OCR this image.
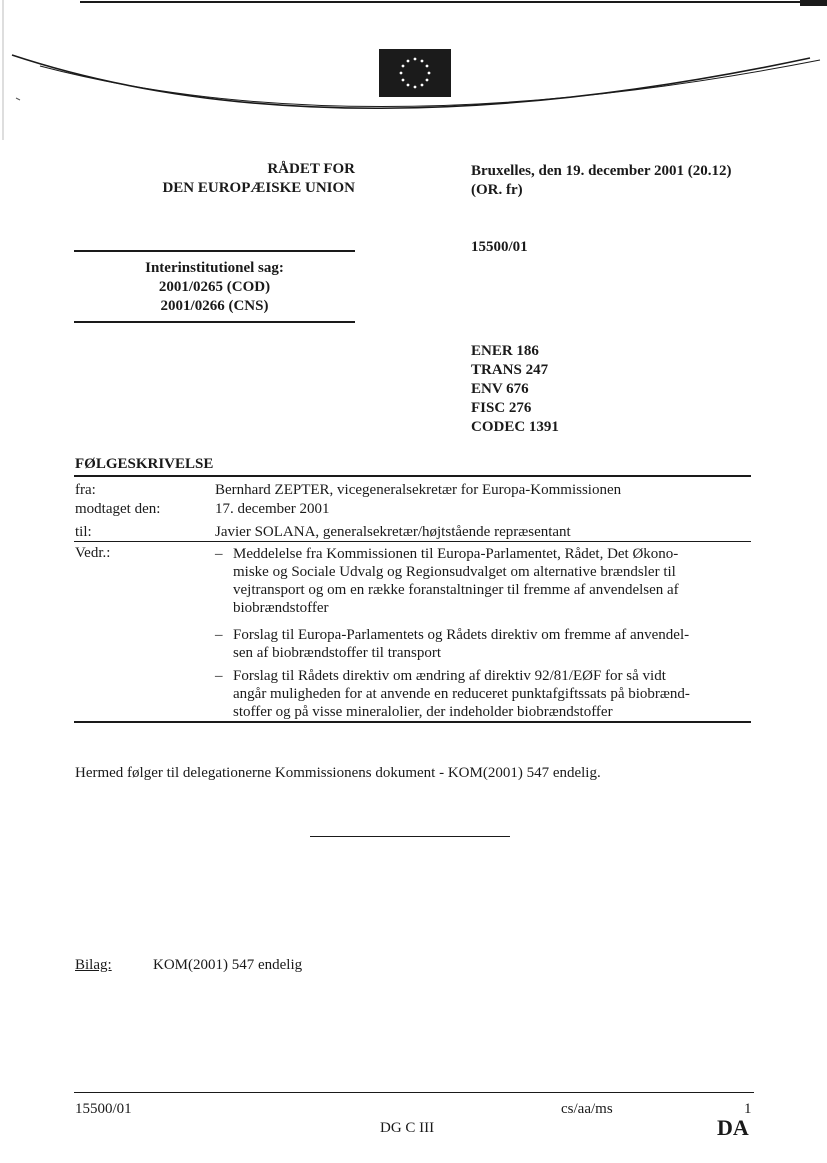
RÅDET FOR
DEN EUROPÆISKE UNION
Bruxelles, den 19. december 2001 (20.12)
(OR. fr)
15500/01
Interinstitutionel sag:
2001/0265 (COD)
2001/0266 (CNS)
ENER 186
TRANS 247
ENV 676
FISC 276
CODEC 1391
FØLGESKRIVELSE
fra:	Bernhard ZEPTER, vicegeneralsekretær for Europa-Kommissionen
modtaget den:	17. december 2001
til:	Javier SOLANA, generalsekretær/højtstående repræsentant
Vedr.:	– Meddelelse fra Kommissionen til Europa-Parlamentet, Rådet, Det Økono-
miske og Sociale Udvalg og Regionsudvalget om alternative brændsler til
vejtransport og om en række foranstaltninger til fremme af anvendelsen af
biobrændstoffer
– Forslag til Europa-Parlamentets og Rådets direktiv om fremme af anvendel-
sen af biobrændstoffer til transport
– Forslag til Rådets direktiv om ændring af direktiv 92/81/EØF for så vidt
angår muligheden for at anvende en reduceret punktafgiftssats på biobrænd-
stoffer og på visse mineralolier, der indeholder biobrændstoffer
Hermed følger til delegationerne Kommissionens dokument - KOM(2001) 547 endelig.
Bilag:	KOM(2001) 547 endelig
15500/01	cs/aa/ms	1
DG C III	DA
